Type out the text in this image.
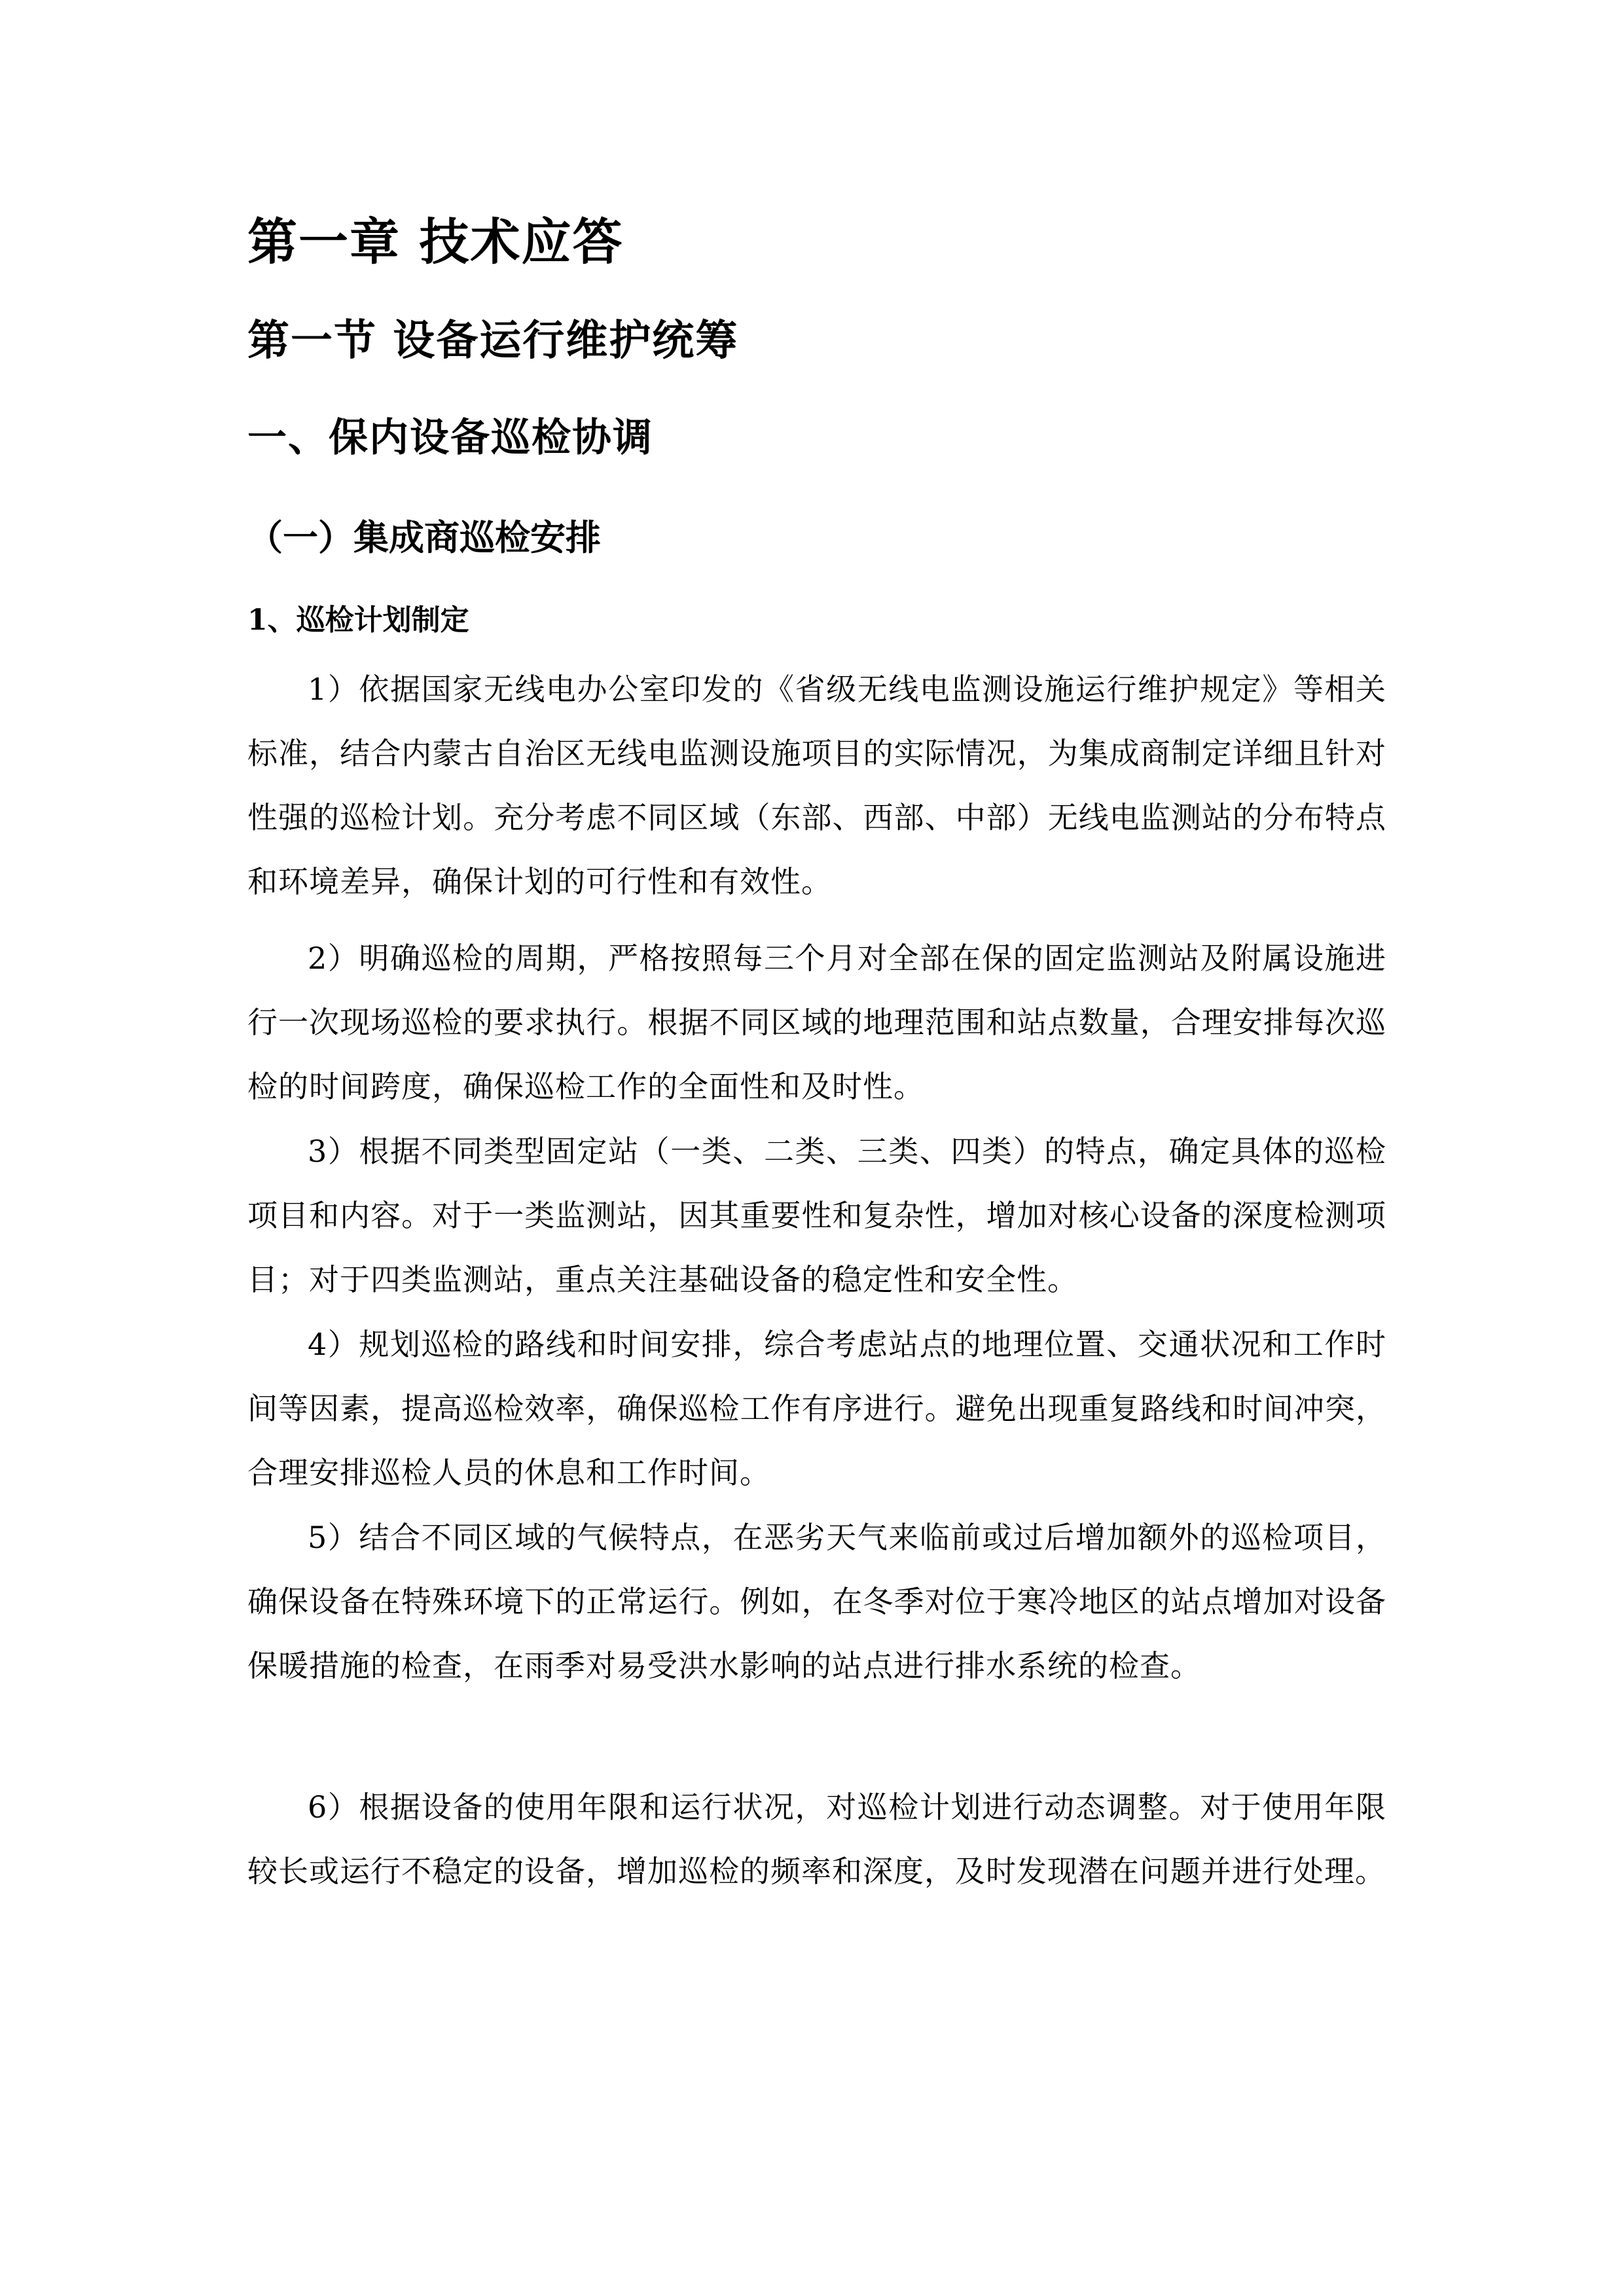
第一章 技术应答
第一节 设备运行维护统筹
一、保内设备巡检协调
（一）集成商巡检安排
1、巡检计划制定

1）依据国家无线电办公室印发的《省级无线电监测设施运行维护规定》等相关标准，结合内蒙古自治区无线电监测设施项目的实际情况，为集成商制定详细且针对性强的巡检计划。充分考虑不同区域（东部、西部、中部）无线电监测站的分布特点和环境差异，确保计划的可行性和有效性。

2）明确巡检的周期，严格按照每三个月对全部在保的固定监测站及附属设施进行一次现场巡检的要求执行。根据不同区域的地理范围和站点数量，合理安排每次巡检的时间跨度，确保巡检工作的全面性和及时性。

3）根据不同类型固定站（一类、二类、三类、四类）的特点，确定具体的巡检项目和内容。对于一类监测站，因其重要性和复杂性，增加对核心设备的深度检测项目；对于四类监测站，重点关注基础设备的稳定性和安全性。

4）规划巡检的路线和时间安排，综合考虑站点的地理位置、交通状况和工作时间等因素，提高巡检效率，确保巡检工作有序进行。避免出现重复路线和时间冲突，合理安排巡检人员的休息和工作时间。

5）结合不同区域的气候特点，在恶劣天气来临前或过后增加额外的巡检项目，确保设备在特殊环境下的正常运行。例如，在冬季对位于寒冷地区的站点增加对设备保暖措施的检查，在雨季对易受洪水影响的站点进行排水系统的检查。

6）根据设备的使用年限和运行状况，对巡检计划进行动态调整。对于使用年限较长或运行不稳定的设备，增加巡检的频率和深度，及时发现潜在问题并进行处理。
